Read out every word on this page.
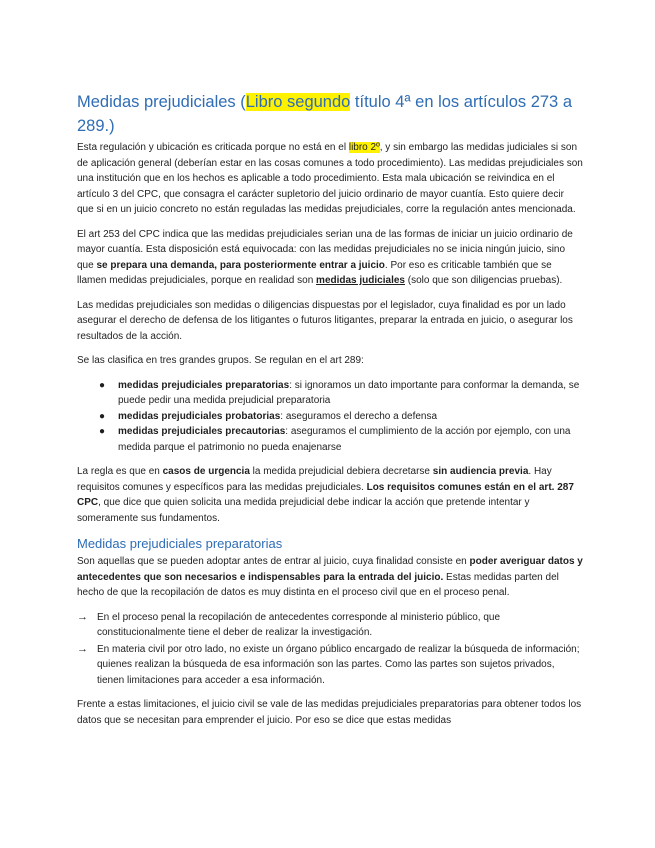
Medidas prejudiciales (Libro segundo título 4ª en los artículos 273 a 289.)

Esta regulación y ubicación es criticada porque no está en el libro 2º, y sin embargo las medidas judiciales si son de aplicación general (deberían estar en las cosas comunes a todo procedimiento). Las medidas prejudiciales son una institución que en los hechos es aplicable a todo procedimiento. Esta mala ubicación se reivindica en el artículo 3 del CPC, que consagra el carácter supletorio del juicio ordinario de mayor cuantía. Esto quiere decir que si en un juicio concreto no están reguladas las medidas prejudiciales, corre la regulación antes mencionada.

El art 253 del CPC indica que las medidas prejudiciales serian una de las formas de iniciar un juicio ordinario de mayor cuantía. Esta disposición está equivocada: con las medidas prejudiciales no se inicia ningún juicio, sino que se prepara una demanda, para posteriormente entrar a juicio. Por eso es criticable también que se llamen medidas prejudiciales, porque en realidad son medidas judiciales (solo que son diligencias pruebas).

Las medidas prejudiciales son medidas o diligencias dispuestas por el legislador, cuya finalidad es por un lado asegurar el derecho de defensa de los litigantes o futuros litigantes, preparar la entrada en juicio, o asegurar los resultados de la acción.

Se las clasifica en tres grandes grupos. Se regulan en el art 289:

● medidas prejudiciales preparatorias: si ignoramos un dato importante para conformar la demanda, se puede pedir una medida prejudicial preparatoria
● medidas prejudiciales probatorias: aseguramos el derecho a defensa
● medidas prejudiciales precautorias: aseguramos el cumplimiento de la acción por ejemplo, con una medida parque el patrimonio no pueda enajenarse

La regla es que en casos de urgencia la medida prejudicial debiera decretarse sin audiencia previa. Hay requisitos comunes y específicos para las medidas prejudiciales. Los requisitos comunes están en el art. 287 CPC, que dice que quien solicita una medida prejudicial debe indicar la acción que pretende intentar y someramente sus fundamentos.

Medidas prejudiciales preparatorias

Son aquellas que se pueden adoptar antes de entrar al juicio, cuya finalidad consiste en poder averiguar datos y antecedentes que son necesarios e indispensables para la entrada del juicio. Estas medidas parten del hecho de que la recopilación de datos es muy distinta en el proceso civil que en el proceso penal.

→ En el proceso penal la recopilación de antecedentes corresponde al ministerio público, que constitucionalmente tiene el deber de realizar la investigación.
→ En materia civil por otro lado, no existe un órgano público encargado de realizar la búsqueda de información; quienes realizan la búsqueda de esa información son las partes. Como las partes son sujetos privados, tienen limitaciones para acceder a esa información.

Frente a estas limitaciones, el juicio civil se vale de las medidas prejudiciales preparatorias para obtener todos los datos que se necesitan para emprender el juicio. Por eso se dice que estas medidas
